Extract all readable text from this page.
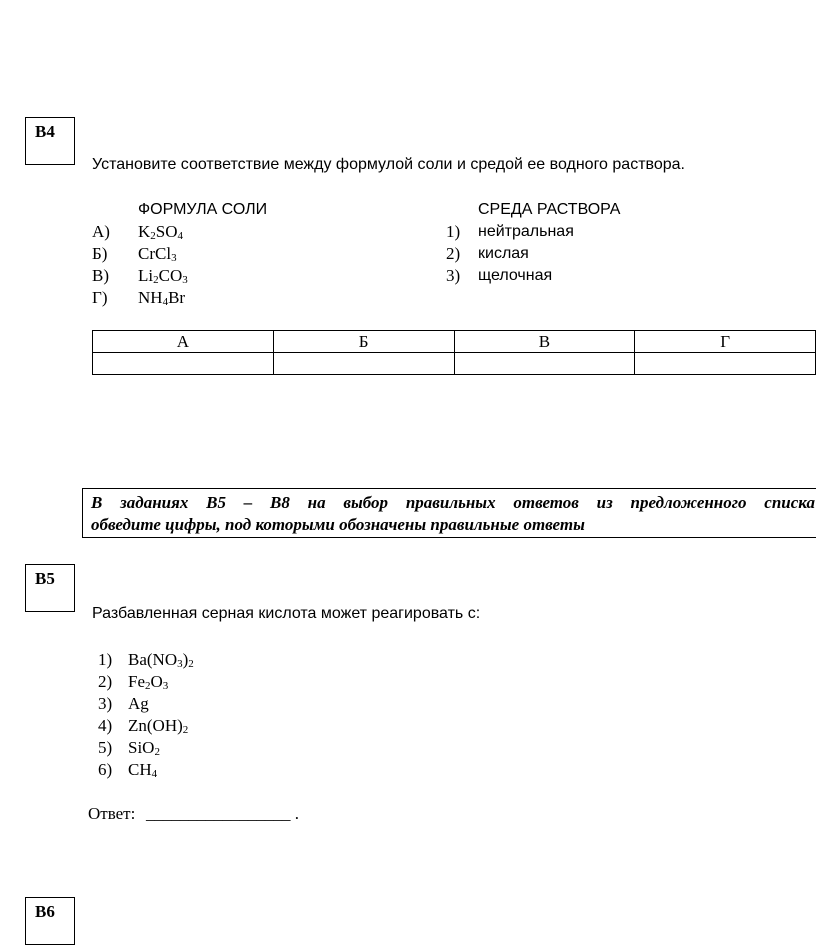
B4
Установите соответствие между формулой соли и средой ее водного раствора.
ФОРМУЛА СОЛИ	СРЕДА РАСТВОРА
А) $K_2SO_4$
Б) CrCl$_3$
В) $Li_2CO_3$
Г) $NH_4Br$
1) нейтральная
2) кислая
3) щелочная
А	Б	В	Г

В заданиях В5 – В8 на выбор правильных ответов из предложенного списка
обведите цифры, под которыми обозначены правильные ответы
B5
Разбавленная серная кислота может реагировать с:
1) $Ba(NO_3)_2$
2) $Fe_2O_3$
3) Ag
4) $Zn(OH)_2$
5) SiO$_2$
6) $CH_4$
Ответ: _________________ .
B6
